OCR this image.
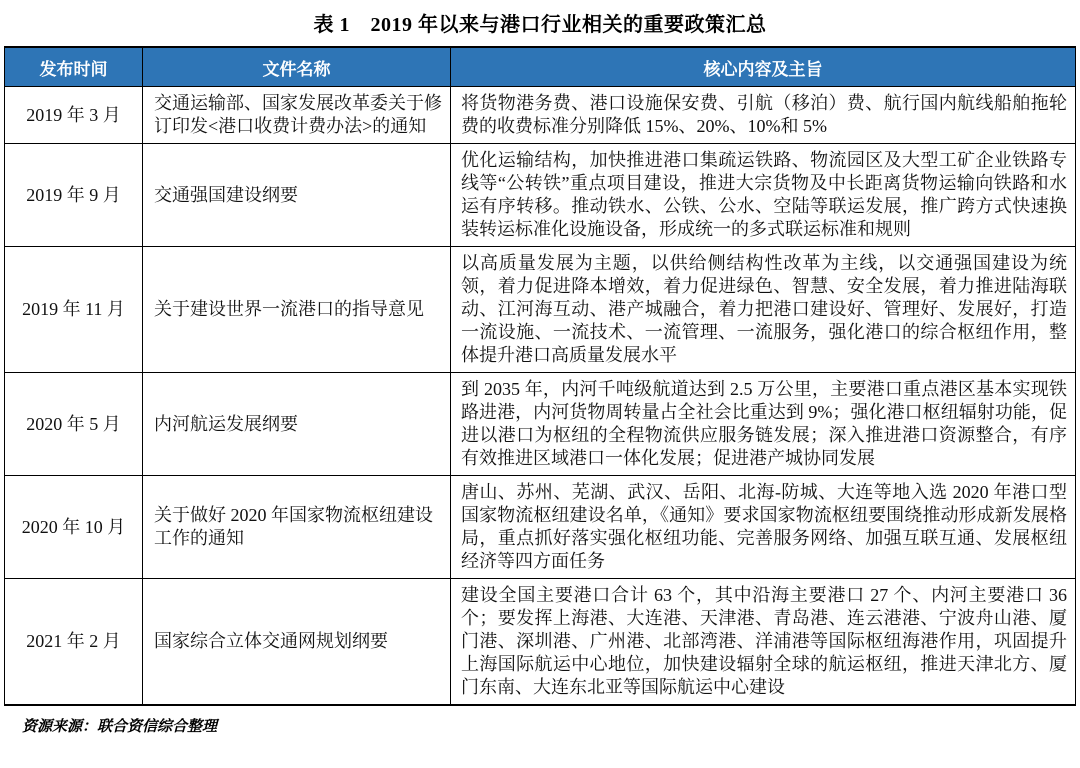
表 1　2019 年以来与港口行业相关的重要政策汇总
发布时间	文件名称	核心内容及主旨
2019 年 3 月	交通运输部、国家发展改革委关于修订印发<港口收费计费办法>的通知	将货物港务费、港口设施保安费、引航（移泊）费、航行国内航线船舶拖轮费的收费标准分别降低 15%、20%、10%和 5%
2019 年 9 月	交通强国建设纲要	优化运输结构，加快推进港口集疏运铁路、物流园区及大型工矿企业铁路专线等“公转铁”重点项目建设，推进大宗货物及中长距离货物运输向铁路和水运有序转移。推动铁水、公铁、公水、空陆等联运发展，推广跨方式快速换装转运标准化设施设备，形成统一的多式联运标准和规则
2019 年 11 月	关于建设世界一流港口的指导意见	以高质量发展为主题，以供给侧结构性改革为主线，以交通强国建设为统领，着力促进降本增效，着力促进绿色、智慧、安全发展，着力推进陆海联动、江河海互动、港产城融合，着力把港口建设好、管理好、发展好，打造一流设施、一流技术、一流管理、一流服务，强化港口的综合枢纽作用，整体提升港口高质量发展水平
2020 年 5 月	内河航运发展纲要	到 2035 年，内河千吨级航道达到 2.5 万公里，主要港口重点港区基本实现铁路进港，内河货物周转量占全社会比重达到 9%；强化港口枢纽辐射功能，促进以港口为枢纽的全程物流供应服务链发展；深入推进港口资源整合，有序有效推进区域港口一体化发展；促进港产城协同发展
2020 年 10 月	关于做好 2020 年国家物流枢纽建设工作的通知	唐山、苏州、芜湖、武汉、岳阳、北海-防城、大连等地入选 2020 年港口型国家物流枢纽建设名单，《通知》要求国家物流枢纽要围绕推动形成新发展格局，重点抓好落实强化枢纽功能、完善服务网络、加强互联互通、发展枢纽经济等四方面任务
2021 年 2 月	国家综合立体交通网规划纲要	建设全国主要港口合计 63 个，其中沿海主要港口 27 个、内河主要港口 36 个；要发挥上海港、大连港、天津港、青岛港、连云港港、宁波舟山港、厦门港、深圳港、广州港、北部湾港、洋浦港等国际枢纽海港作用，巩固提升上海国际航运中心地位，加快建设辐射全球的航运枢纽，推进天津北方、厦门东南、大连东北亚等国际航运中心建设
资源来源：联合资信综合整理
